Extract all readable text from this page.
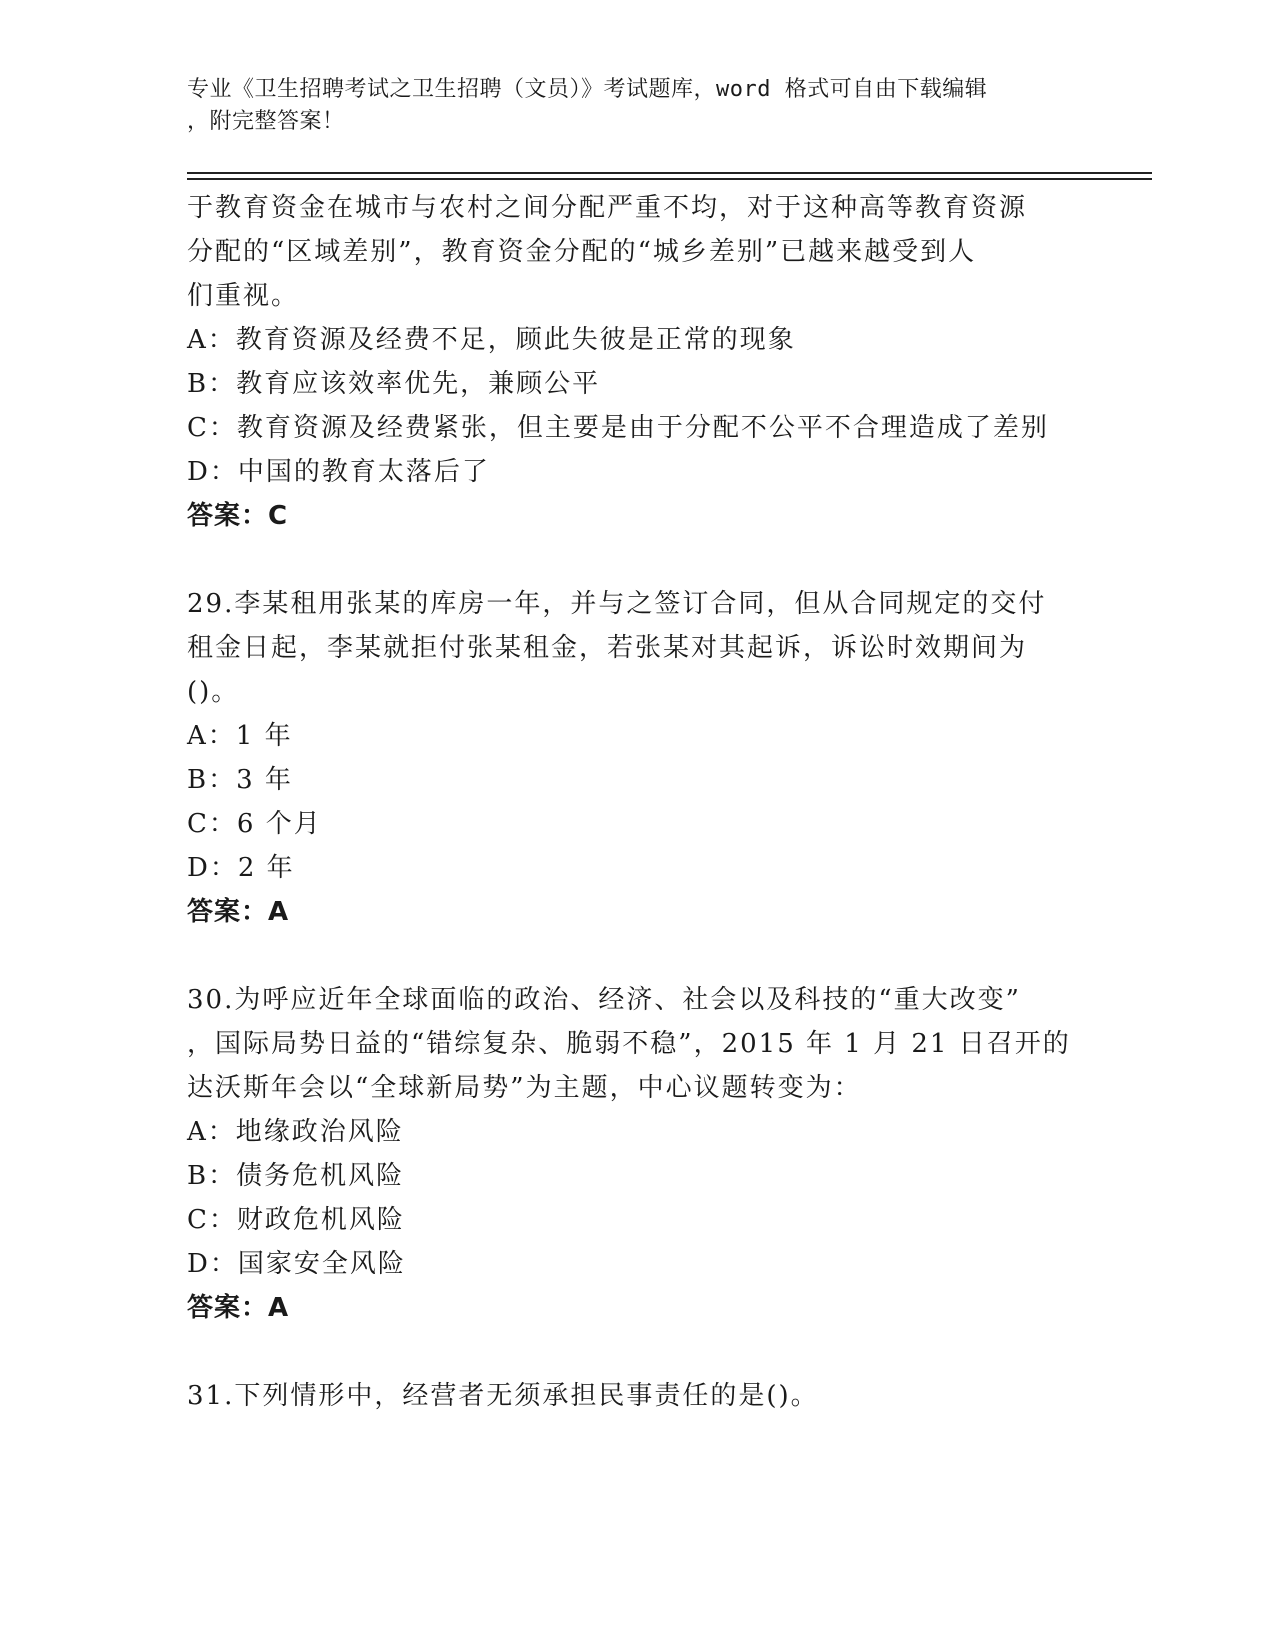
专业《卫生招聘考试之卫生招聘（文员）》考试题库，word 格式可自由下载编辑
，附完整答案！

于教育资金在城市与农村之间分配严重不均，对于这种高等教育资源

分配的“区域差别”，教育资金分配的“城乡差别”已越来越受到人

们重视。

A：教育资源及经费不足，顾此失彼是正常的现象

B：教育应该效率优先，兼顾公平

C：教育资源及经费紧张，但主要是由于分配不公平不合理造成了差别

D：中国的教育太落后了

答案：C

29.李某租用张某的库房一年，并与之签订合同，但从合同规定的交付

租金日起，李某就拒付张某租金，若张某对其起诉，诉讼时效期间为

()。

A：1 年

B：3 年

C：6 个月

D：2 年

答案：A

30.为呼应近年全球面临的政治、经济、社会以及科技的“重大改变”

，国际局势日益的“错综复杂、脆弱不稳”，2015 年 1 月 21 日召开的

达沃斯年会以“全球新局势”为主题，中心议题转变为：

A：地缘政治风险

B：债务危机风险

C：财政危机风险

D：国家安全风险

答案：A

31.下列情形中，经营者无须承担民事责任的是()。
